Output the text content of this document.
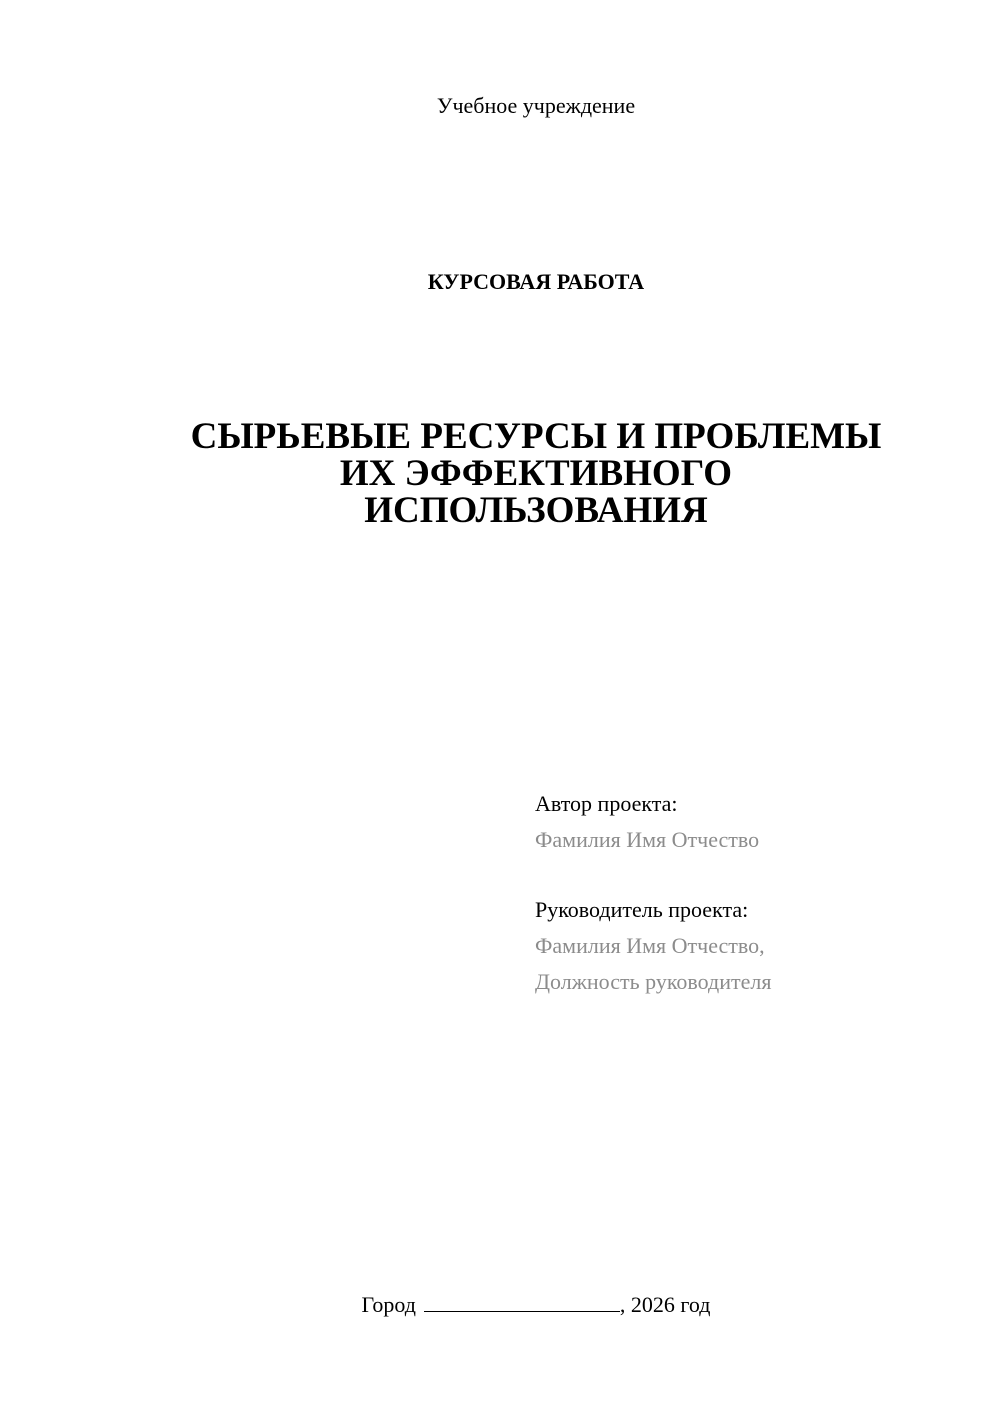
Учебное учреждение
КУРСОВАЯ РАБОТА
СЫРЬЕВЫЕ РЕСУРСЫ И ПРОБЛЕМЫ
ИХ ЭФФЕКТИВНОГО
ИСПОЛЬЗОВАНИЯ
Автор проекта:
Фамилия Имя Отчество
Руководитель проекта:
Фамилия Имя Отчество,
Должность руководителя
Город	, 2026 год
